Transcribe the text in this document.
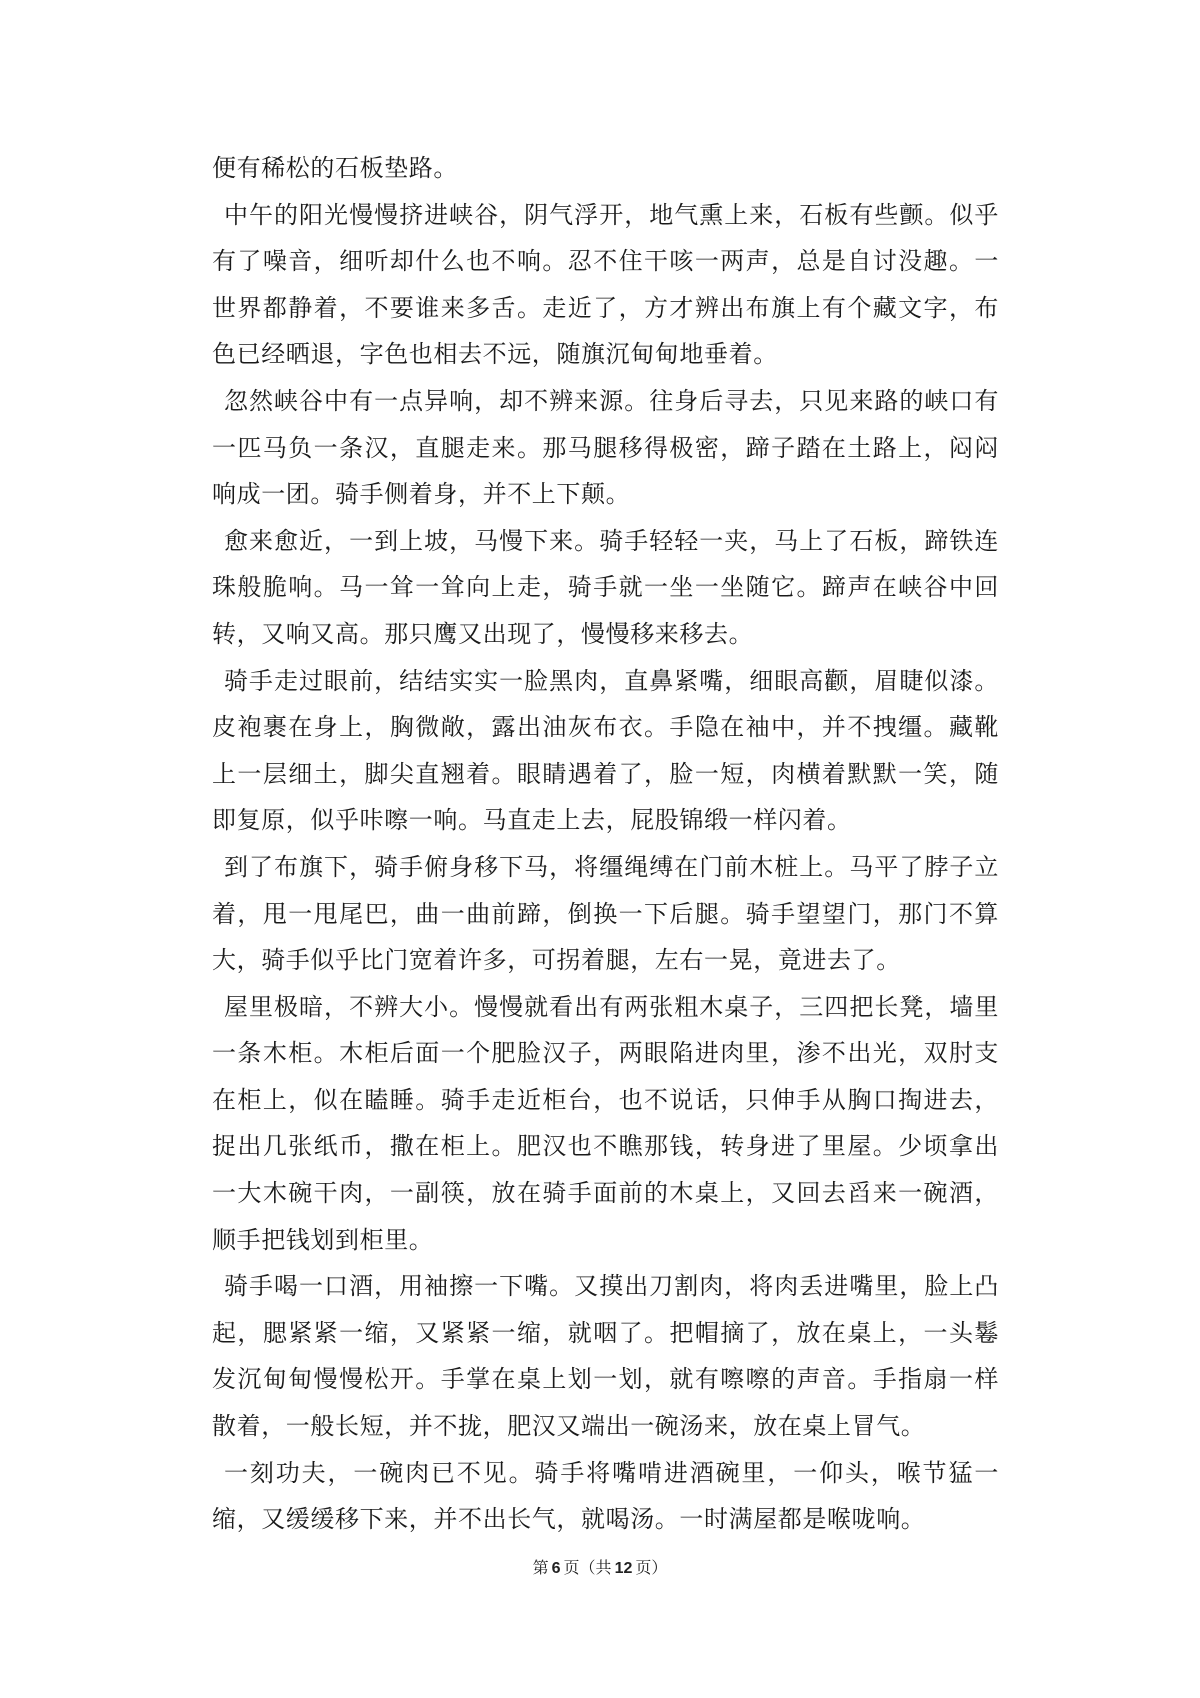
便有稀松的石板垫路。

中午的阳光慢慢挤进峡谷，阴气浮开，地气熏上来，石板有些颤。似乎有了噪音，细听却什么也不响。忍不住干咳一两声，总是自讨没趣。一世界都静着，不要谁来多舌。走近了，方才辨出布旗上有个藏文字，布色已经晒退，字色也相去不远，随旗沉甸甸地垂着。

忽然峡谷中有一点异响，却不辨来源。往身后寻去，只见来路的峡口有一匹马负一条汉，直腿走来。那马腿移得极密，蹄子踏在土路上，闷闷响成一团。骑手侧着身，并不上下颠。

愈来愈近，一到上坡，马慢下来。骑手轻轻一夹，马上了石板，蹄铁连珠般脆响。马一耸一耸向上走，骑手就一坐一坐随它。蹄声在峡谷中回转，又响又高。那只鹰又出现了，慢慢移来移去。

骑手走过眼前，结结实实一脸黑肉，直鼻紧嘴，细眼高颧，眉睫似漆。皮袍裹在身上，胸微敞，露出油灰布衣。手隐在袖中，并不拽缰。藏靴上一层细土，脚尖直翘着。眼睛遇着了，脸一短，肉横着默默一笑，随即复原，似乎咔嚓一响。马直走上去，屁股锦缎一样闪着。

到了布旗下，骑手俯身移下马，将缰绳缚在门前木桩上。马平了脖子立着，甩一甩尾巴，曲一曲前蹄，倒换一下后腿。骑手望望门，那门不算大，骑手似乎比门宽着许多，可拐着腿，左右一晃，竟进去了。

屋里极暗，不辨大小。慢慢就看出有两张粗木桌子，三四把长凳，墙里一条木柜。木柜后面一个肥脸汉子，两眼陷进肉里，渗不出光，双肘支在柜上，似在瞌睡。骑手走近柜台，也不说话，只伸手从胸口掏进去，捉出几张纸币，撒在柜上。肥汉也不瞧那钱，转身进了里屋。少顷拿出一大木碗干肉，一副筷，放在骑手面前的木桌上，又回去舀来一碗酒，顺手把钱划到柜里。

骑手喝一口酒，用袖擦一下嘴。又摸出刀割肉，将肉丢进嘴里，脸上凸起，腮紧紧一缩，又紧紧一缩，就咽了。把帽摘了，放在桌上，一头鬈发沉甸甸慢慢松开。手掌在桌上划一划，就有嚓嚓的声音。手指扇一样散着，一般长短，并不拢，肥汉又端出一碗汤来，放在桌上冒气。

一刻功夫，一碗肉已不见。骑手将嘴啃进酒碗里，一仰头，喉节猛一缩，又缓缓移下来，并不出长气，就喝汤。一时满屋都是喉咙响。

第 6 页（共 12 页）
